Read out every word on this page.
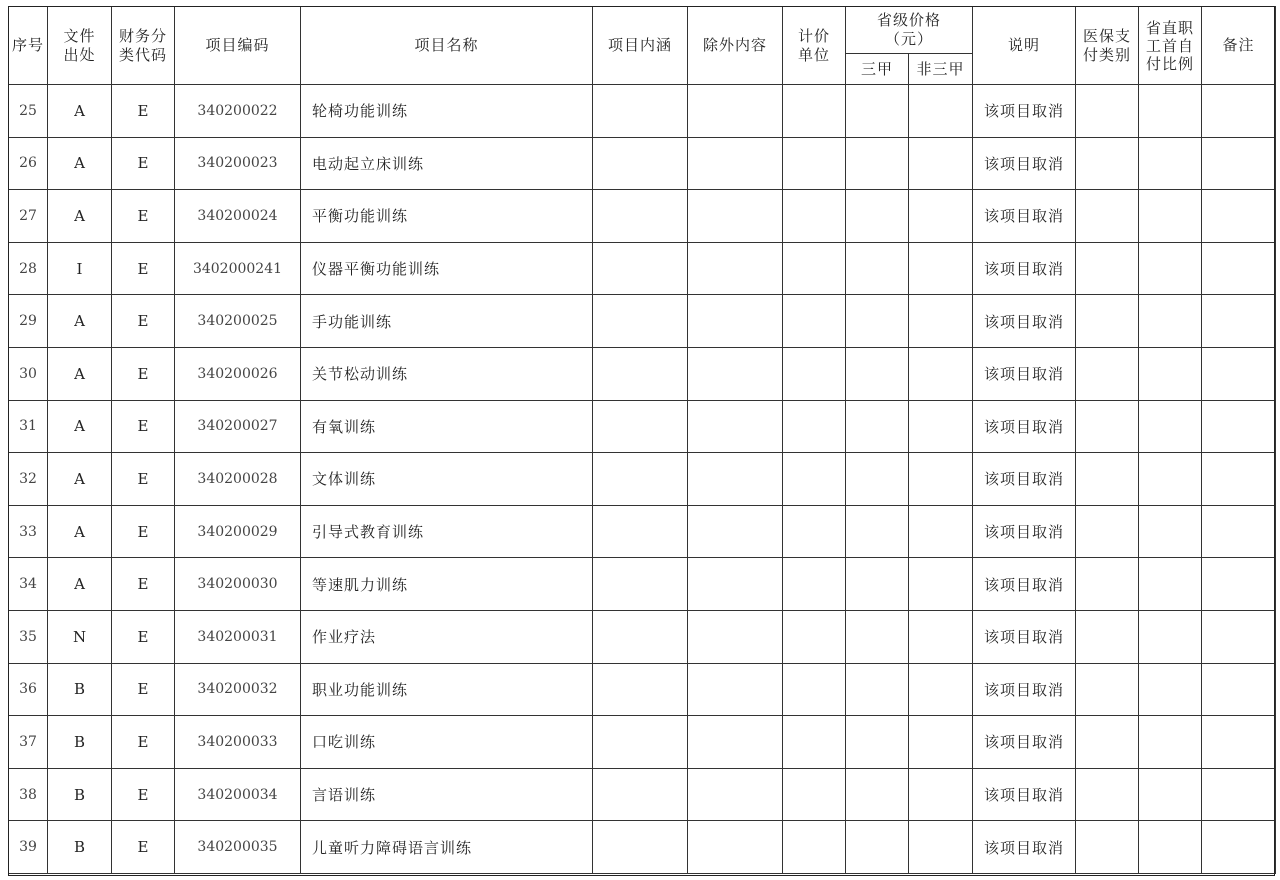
序号	文件出处	财务分类代码	项目编码	项目名称	项目内涵	除外内容	计价单位	省级价格（元）		说明	医保支付类别	省直职工首自付比例	备注
								三甲	非三甲				
25	A	E	340200022	轮椅功能训练						该项目取消			
26	A	E	340200023	电动起立床训练						该项目取消			
27	A	E	340200024	平衡功能训练						该项目取消			
28	I	E	3402000241	仪器平衡功能训练						该项目取消			
29	A	E	340200025	手功能训练						该项目取消			
30	A	E	340200026	关节松动训练						该项目取消			
31	A	E	340200027	有氧训练						该项目取消			
32	A	E	340200028	文体训练						该项目取消			
33	A	E	340200029	引导式教育训练						该项目取消			
34	A	E	340200030	等速肌力训练						该项目取消			
35	N	E	340200031	作业疗法						该项目取消			
36	B	E	340200032	职业功能训练						该项目取消			
37	B	E	340200033	口吃训练						该项目取消			
38	B	E	340200034	言语训练						该项目取消			
39	B	E	340200035	儿童听力障碍语言训练						该项目取消			
